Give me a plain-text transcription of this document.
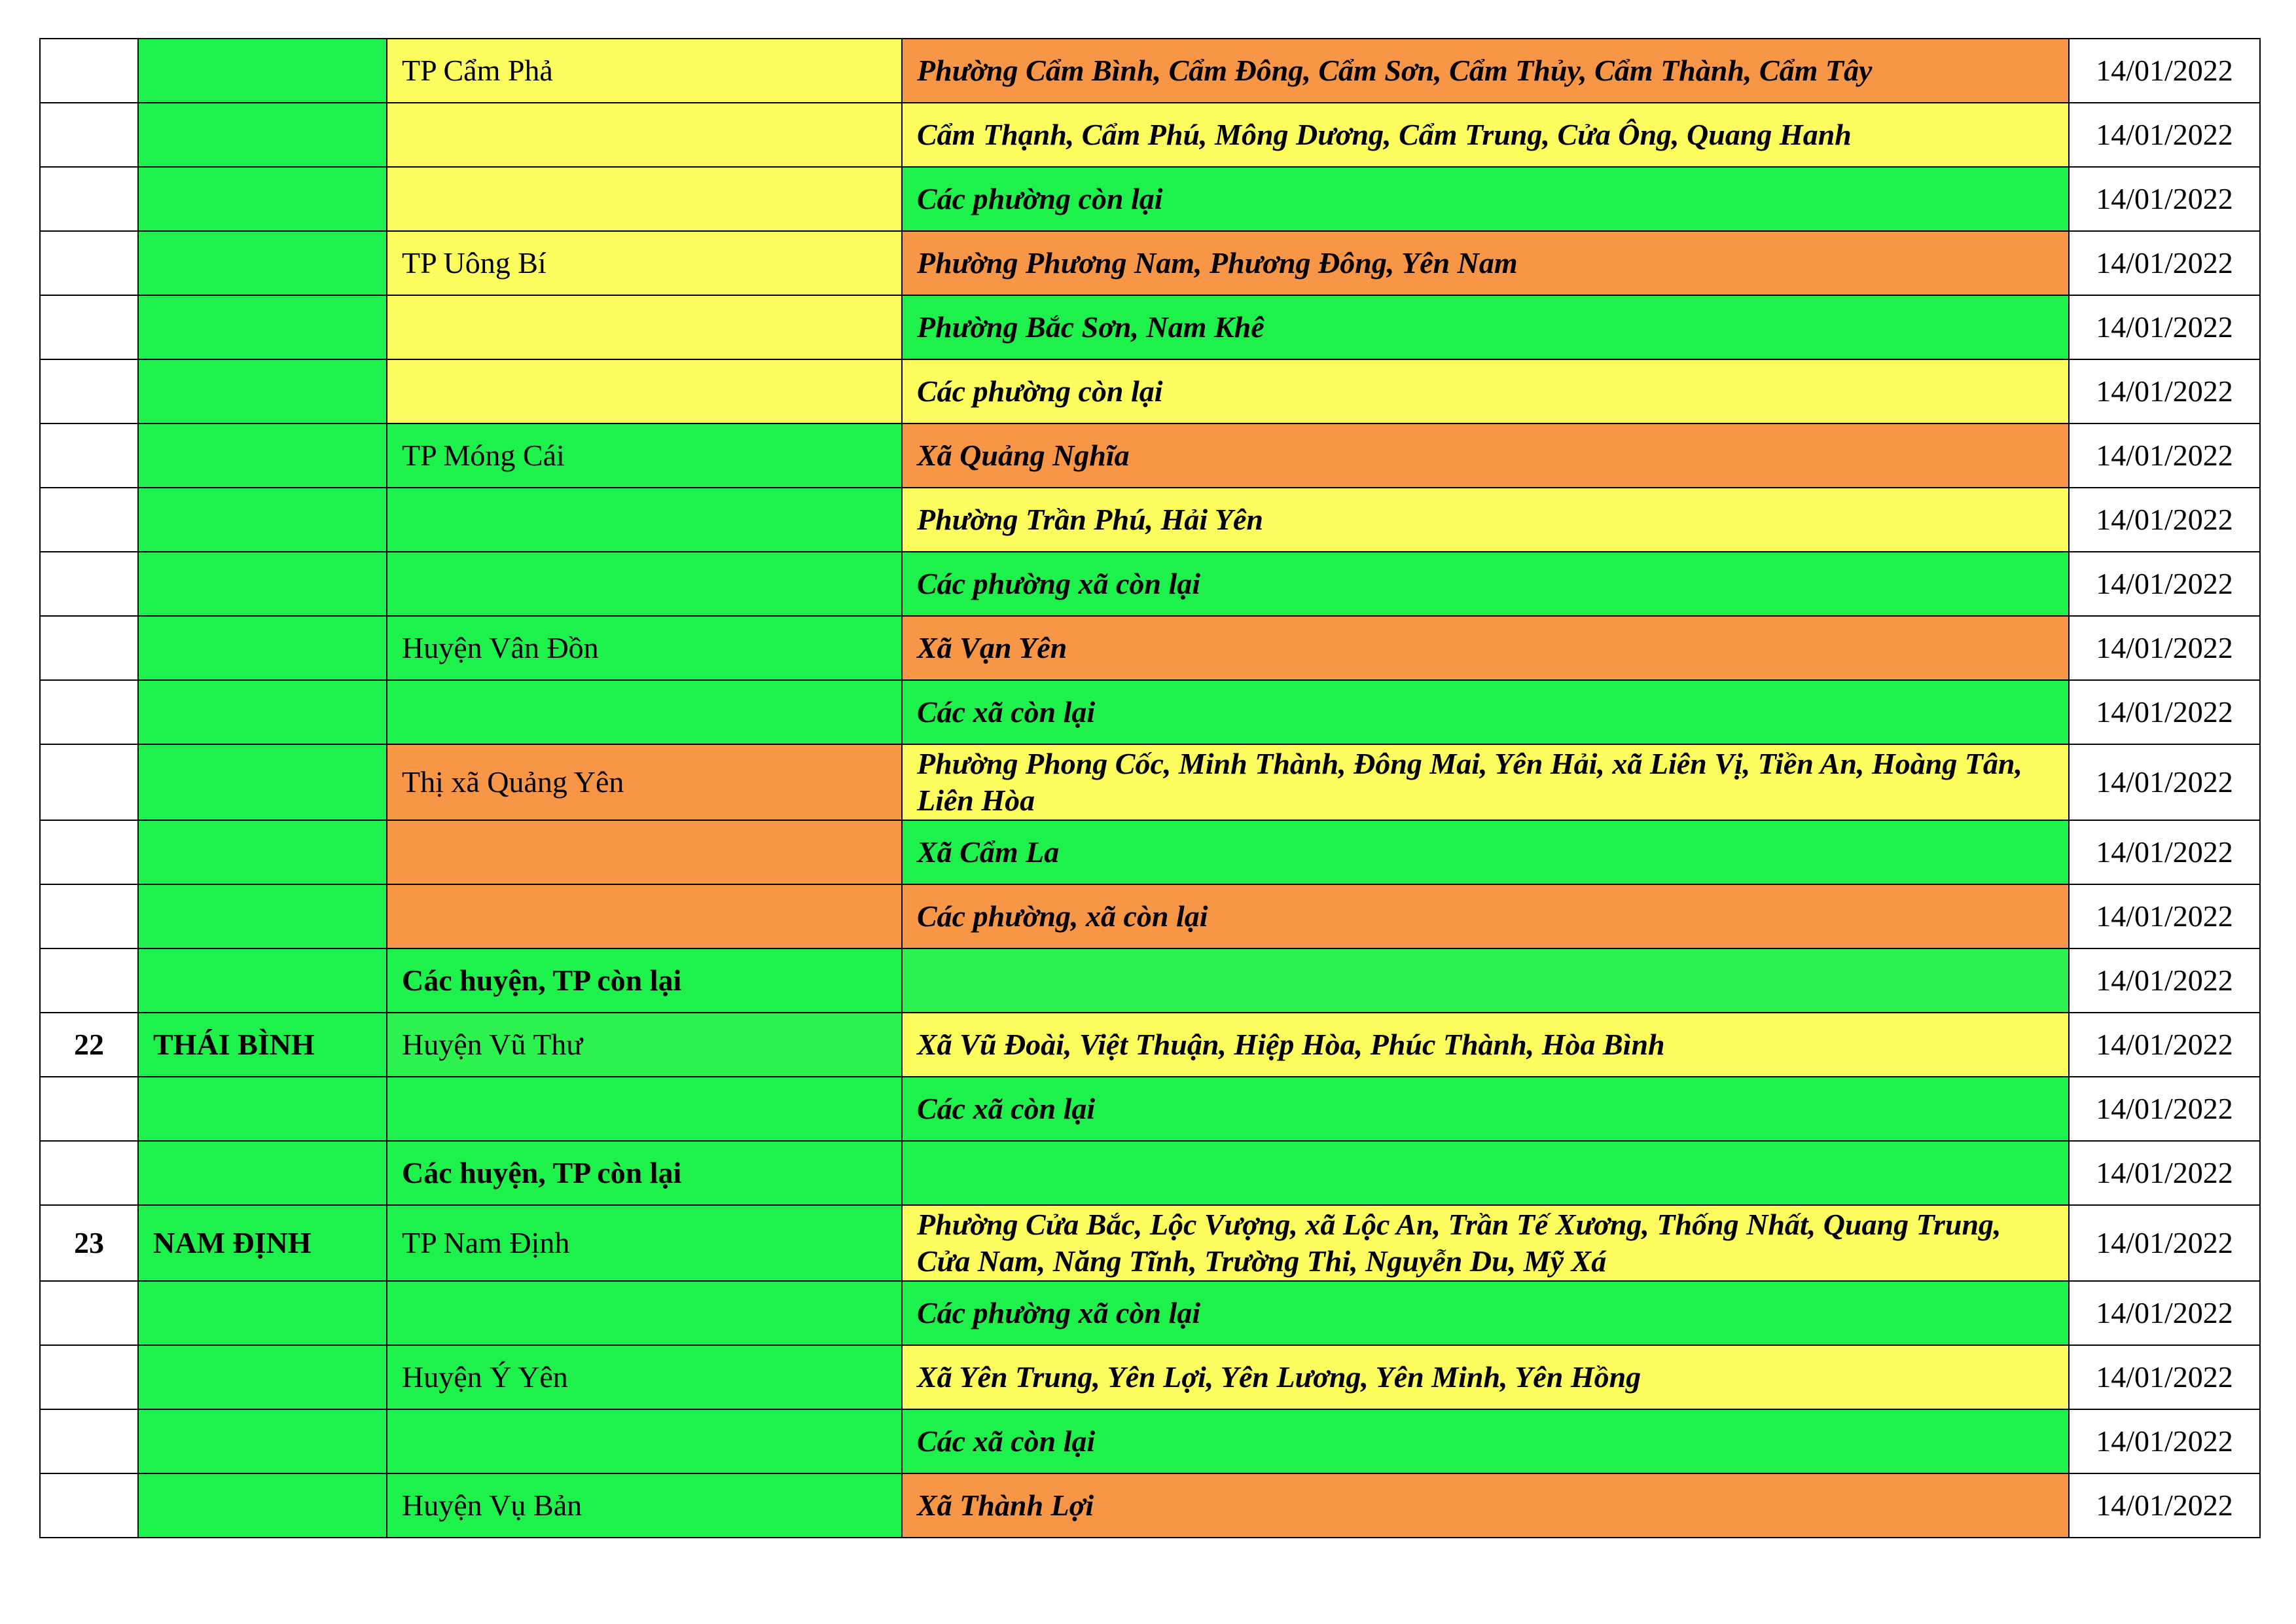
		TP Cẩm Phả	Phường Cẩm Bình, Cẩm Đông, Cẩm Sơn, Cẩm Thủy, Cẩm Thành, Cẩm Tây	14/01/2022
			Cẩm Thạnh, Cẩm Phú, Mông Dương, Cẩm Trung, Cửa Ông, Quang Hanh	14/01/2022
			Các phường còn lại	14/01/2022
		TP Uông Bí	Phường Phương Nam, Phương Đông, Yên Nam	14/01/2022
			Phường Bắc Sơn, Nam Khê	14/01/2022
			Các phường còn lại	14/01/2022
		TP Móng Cái	Xã Quảng Nghĩa	14/01/2022
			Phường Trần Phú, Hải Yên	14/01/2022
			Các phường xã còn lại	14/01/2022
		Huyện Vân Đồn	Xã Vạn Yên	14/01/2022
			Các xã còn lại	14/01/2022
		Thị xã Quảng Yên	Phường Phong Cốc, Minh Thành, Đông Mai, Yên Hải, xã Liên Vị, Tiền An, Hoàng Tân, Liên Hòa	14/01/2022
			Xã Cẩm La	14/01/2022
			Các phường, xã còn lại	14/01/2022
		Các huyện, TP còn lại		14/01/2022
22	THÁI BÌNH	Huyện Vũ Thư	Xã Vũ Đoài, Việt Thuận, Hiệp Hòa, Phúc Thành, Hòa Bình	14/01/2022
			Các xã còn lại	14/01/2022
		Các huyện, TP còn lại		14/01/2022
23	NAM ĐỊNH	TP Nam Định	Phường Cửa Bắc, Lộc Vượng, xã Lộc An, Trần Tế Xương, Thống Nhất, Quang Trung, Cửa Nam, Năng Tĩnh, Trường Thi, Nguyễn Du, Mỹ Xá	14/01/2022
			Các phường xã còn lại	14/01/2022
		Huyện Ý Yên	Xã Yên Trung, Yên Lợi, Yên Lương, Yên Minh, Yên Hồng	14/01/2022
			Các xã còn lại	14/01/2022
		Huyện Vụ Bản	Xã Thành Lợi	14/01/2022
